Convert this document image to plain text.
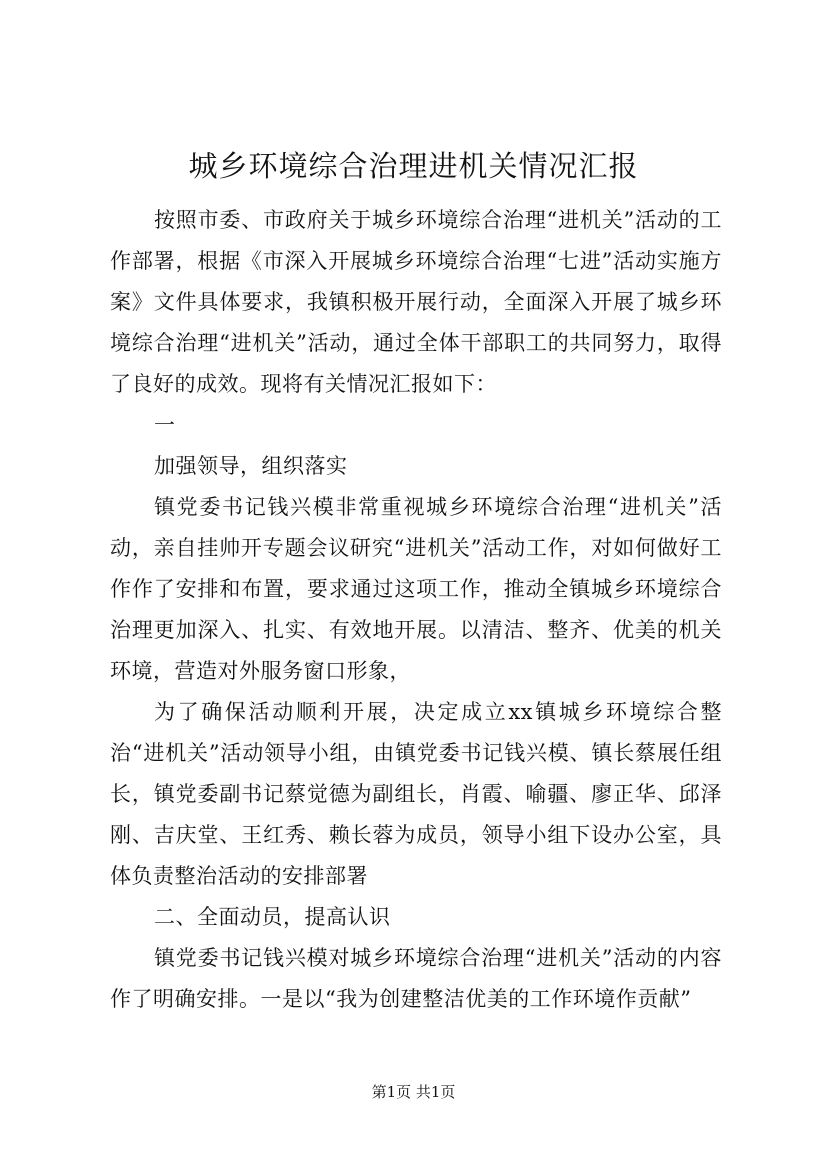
城乡环境综合治理进机关情况汇报

按照市委、市政府关于城乡环境综合治理“进机关”活动的工作部署，根据《市深入开展城乡环境综合治理“七进”活动实施方案》文件具体要求，我镇积极开展行动，全面深入开展了城乡环境综合治理“进机关”活动，通过全体干部职工的共同努力，取得了良好的成效。现将有关情况汇报如下：

一

加强领导，组织落实

镇党委书记钱兴模非常重视城乡环境综合治理“进机关”活动，亲自挂帅开专题会议研究“进机关”活动工作，对如何做好工作作了安排和布置，要求通过这项工作，推动全镇城乡环境综合治理更加深入、扎实、有效地开展。以清洁、整齐、优美的机关环境，营造对外服务窗口形象，

为了确保活动顺利开展，决定成立xx镇城乡环境综合整治“进机关”活动领导小组，由镇党委书记钱兴模、镇长蔡展任组长，镇党委副书记蔡觉德为副组长，肖霞、喻疆、廖正华、邱泽刚、吉庆堂、王红秀、赖长蓉为成员，领导小组下设办公室，具体负责整治活动的安排部署

二、全面动员，提高认识

镇党委书记钱兴模对城乡环境综合治理“进机关”活动的内容作了明确安排。一是以“我为创建整洁优美的工作环境作贡献”

第1页 共1页
